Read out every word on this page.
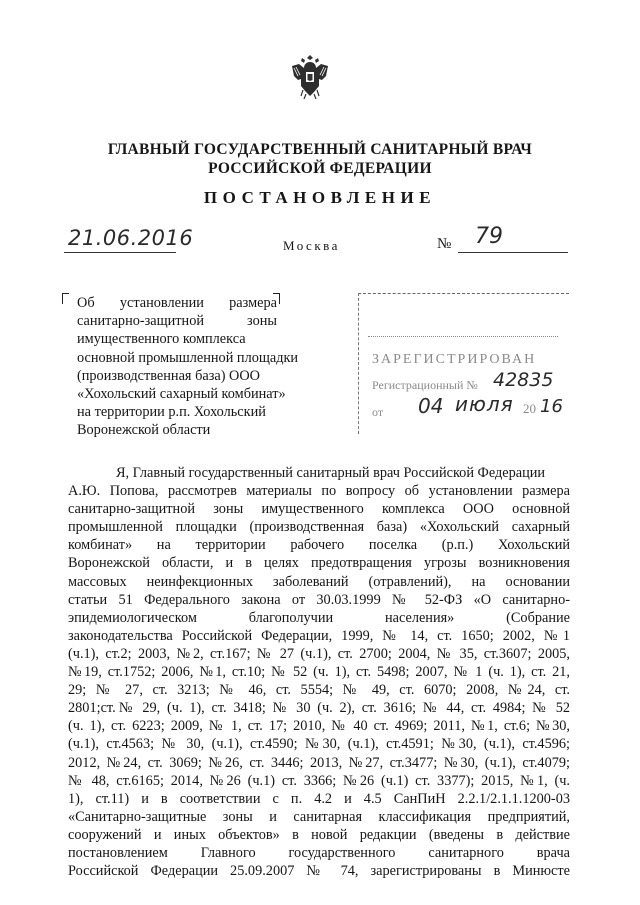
ГЛАВНЫЙ ГОСУДАРСТВЕННЫЙ САНИТАРНЫЙ ВРАЧ
РОССИЙСКОЙ ФЕДЕРАЦИИ
ПОСТАНОВЛЕНИЕ
21.06.2016	Москва	№ 79
Об установлении размера
санитарно-защитной зоны
имущественного комплекса
основной промышленной площадки
(производственная база) ООО
«Хохольский сахарный комбинат»
на территории р.п. Хохольский
Воронежской области
ЗАРЕГИСТРИРОВАН
Регистрационный № 42835
от 04 июля 20 16
Я, Главный государственный санитарный врач Российской Федерации
А.Ю. Попова, рассмотрев материалы по вопросу об установлении размера
санитарно-защитной зоны имущественного комплекса ООО основной
промышленной площадки (производственная база) «Хохольский сахарный
комбинат» на территории рабочего поселка (р.п.) Хохольский
Воронежской области, и в целях предотвращения угрозы возникновения
массовых неинфекционных заболеваний (отравлений), на основании
статьи 51 Федерального закона от 30.03.1999 № 52-ФЗ «О санитарно-
эпидемиологическом благополучии населения» (Собрание
законодательства Российской Федерации, 1999, № 14, ст. 1650; 2002, №1
(ч.1), ст.2; 2003, №2, ст.167; № 27 (ч.1), ст. 2700; 2004, № 35, ст.3607; 2005,
№19, ст.1752; 2006, №1, ст.10; № 52 (ч. 1), ст. 5498; 2007, № 1 (ч. 1), ст. 21,
29; № 27, ст. 3213; № 46, ст. 5554; № 49, ст. 6070; 2008, №24, ст.
2801;ст.№ 29, (ч. 1), ст. 3418; № 30 (ч. 2), ст. 3616; № 44, ст. 4984; № 52
(ч. 1), ст. 6223; 2009, № 1, ст. 17; 2010, № 40 ст. 4969; 2011, №1, ст.6; №30,
(ч.1), ст.4563; № 30, (ч.1), ст.4590; №30, (ч.1), ст.4591; №30, (ч.1), ст.4596;
2012, №24, ст. 3069; №26, ст. 3446; 2013, №27, ст.3477; №30, (ч.1), ст.4079;
№ 48, ст.6165; 2014, №26 (ч.1) ст. 3366; №26 (ч.1) ст. 3377); 2015, №1, (ч.
1), ст.11) и в соответствии с п. 4.2 и 4.5 СанПиН 2.2.1/2.1.1.1200-03
«Санитарно-защитные зоны и санитарная классификация предприятий,
сооружений и иных объектов» в новой редакции (введены в действие
постановлением Главного государственного санитарного врача
Российской Федерации 25.09.2007 № 74, зарегистрированы в Минюсте
